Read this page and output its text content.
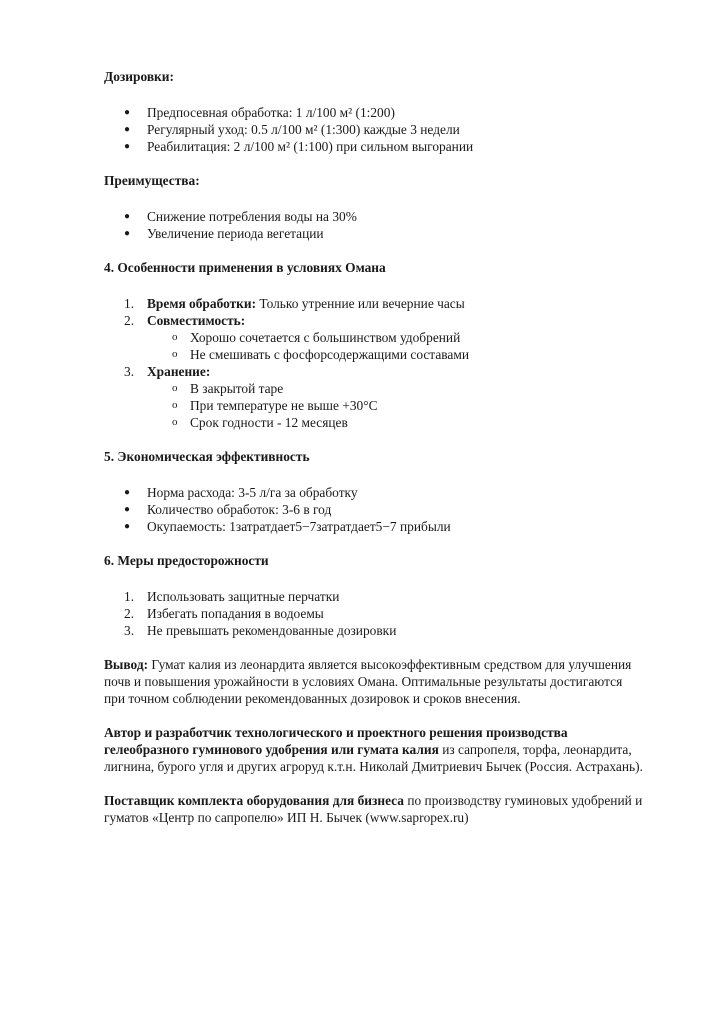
Дозировки:

● Предпосевная обработка: 1 л/100 м² (1:200)
● Регулярный уход: 0.5 л/100 м² (1:300) каждые 3 недели
● Реабилитация: 2 л/100 м² (1:100) при сильном выгорании

Преимущества:

● Снижение потребления воды на 30%
● Увеличение периода вегетации

4. Особенности применения в условиях Омана

1. Время обработки: Только утренние или вечерние часы
2. Совместимость:
o Хорошо сочетается с большинством удобрений
o Не смешивать с фосфорсодержащими составами
3. Хранение:
o В закрытой таре
o При температуре не выше +30°C
o Срок годности - 12 месяцев

5. Экономическая эффективность

● Норма расхода: 3-5 л/га за обработку
● Количество обработок: 3-6 в год
● Окупаемость: 1затратдает5−7затратдает5−7 прибыли

6. Меры предосторожности

1. Использовать защитные перчатки
2. Избегать попадания в водоемы
3. Не превышать рекомендованные дозировки

Вывод: Гумат калия из леонардита является высокоэффективным средством для улучшения почв и повышения урожайности в условиях Омана. Оптимальные результаты достигаются при точном соблюдении рекомендованных дозировок и сроков внесения.

Автор и разработчик технологического и проектного решения производства гелеобразного гуминового удобрения или гумата калия из сапропеля, торфа, леонардита, лигнина, бурого угля и других агроруд к.т.н. Николай Дмитриевич Бычек (Россия. Астрахань).

Поставщик комплекта оборудования для бизнеса по производству гуминовых удобрений и гуматов «Центр по сапропелю» ИП Н. Бычек (www.sapropex.ru)
